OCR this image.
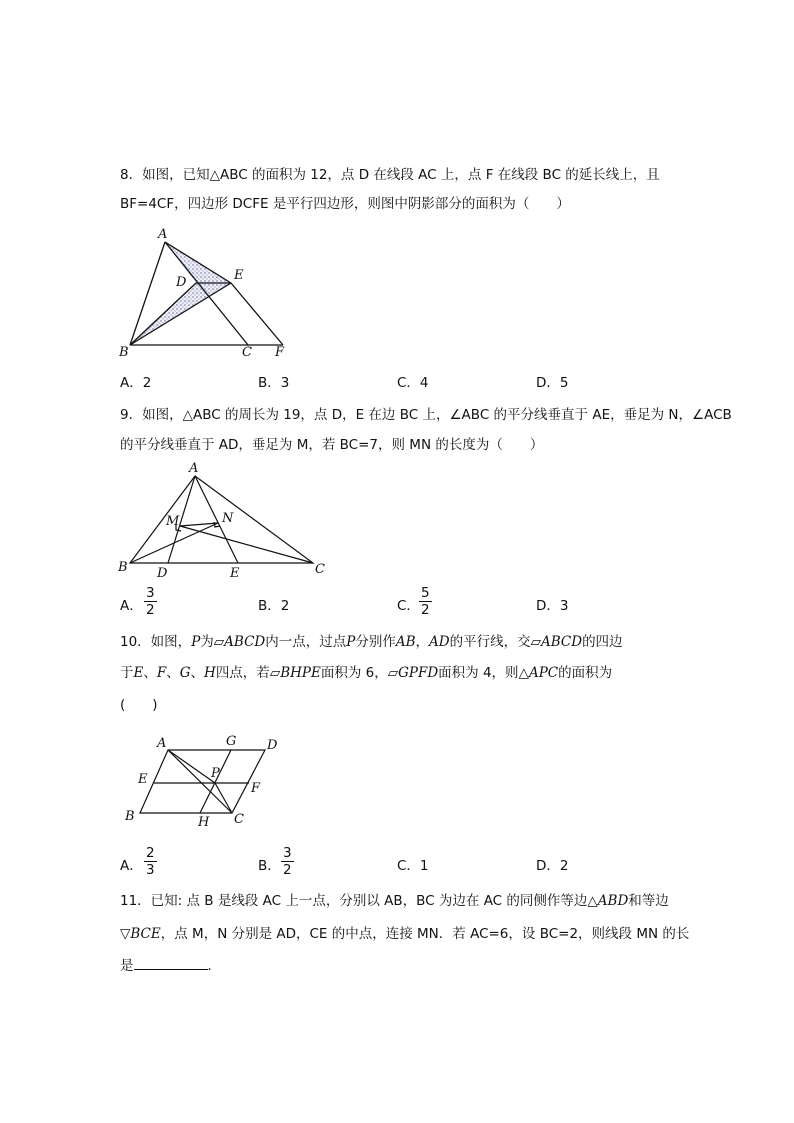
8．如图，已知△ABC 的面积为 12，点 D 在线段 AC 上，点 F 在线段 BC 的延长线上，且
BF=4CF，四边形 DCFE 是平行四边形，则图中阴影部分的面积为（　　）
A
D	E
B	C F
A．2	B．3	C．4	D．5
9．如图，△ABC 的周长为 19，点 D，E 在边 BC 上，∠ABC 的平分线垂直于 AE，垂足为 N，∠ACB
的平分线垂直于 AD，垂足为 M，若 BC=7，则 MN 的长度为（　　）
A
M	N
B D	E	C
A． $\frac{3}{2}$	B．2	C． $\frac{5}{2}$	D．3
10．如图，P为▱ABCD内一点，过点P分别作AB，AD的平行线，交▱ABCD的四边
于E、F、G、H四点，若▱BHPE面积为 6，▱GPFD面积为 4，则△APC的面积为
(　　)
A	G D
E	P
F
B	H C
A． $\frac{2}{3}$	B． $\frac{3}{2}$	C．1	D．2
11．已知: 点 B 是线段 AC 上一点，分别以 AB，BC 为边在 AC 的同侧作等边△ABD和等边
▽BCE，点 M，N 分别是 AD，CE 的中点，连接 MN．若 AC=6，设 BC=2，则线段 MN 的长
是	．
